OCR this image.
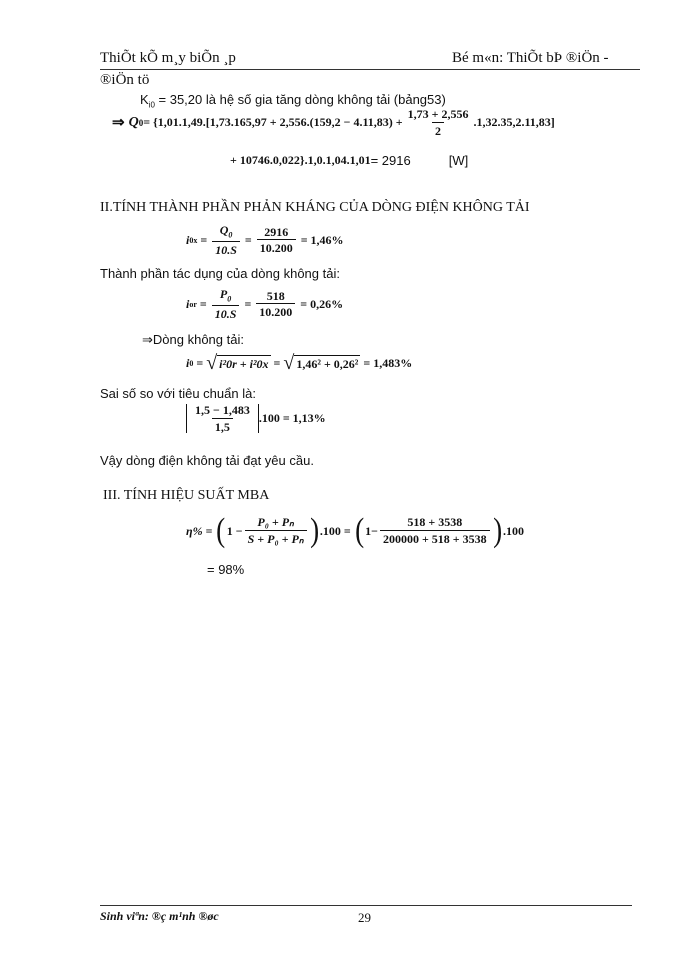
ThiÕt kÕ m¸y biÕn ¸p	Bé m«n: ThiÕt bÞ ®iÖn -
®iÖn tö
$K_{i0} = 35,20$ là hệ số gia tăng dòng không tải (bảng53)
⇒ Q $0 = \{1,01.1,49.[1,73.165,97 + 2,556.(159,2 - 4.11,83) + \frac{1,73 + 2,556}{2} .1,32.35,2.11,83]$
+ 10746.0,022}.1,0.1,04.1,01 = 2916	[W]
II.TÍNH THÀNH PHẦN PHẢN KHÁNG CỦA DÒNG ĐIỆN KHÔNG TẢI
i $0x = \frac{Q_0}{10.S} = \frac{2916}{10.200} = 1,46\%$
Thành phần tác dụng của dòng không tải:
i or = $\frac{P_0}{10.S} = \frac{518}{10.200} = 0,26\%$
⇒Dòng không tải:
i 0 = √ i²0r + i²0x = √ 1,46² + 0,26² = 1,483%
Sai số so với tiêu chuẩn là:
$\frac{1,5 - 1,483}{1,5} .100 = 1,13\%$
Vậy dòng điện không tải đạt yêu cầu.
III. TÍNH HIỆU SUẤT MBA
η% = ( $1 - \frac{\text{P₀ + Pₙ}}{\text{S + P₀ + Pₙ}}$ ) .100 = ( $1- \frac{518 + 3538}{200000 + 518 + 3538}$ ) .100
= 98%
Sinh viªn: ®ç m¹nh ®øc	29
